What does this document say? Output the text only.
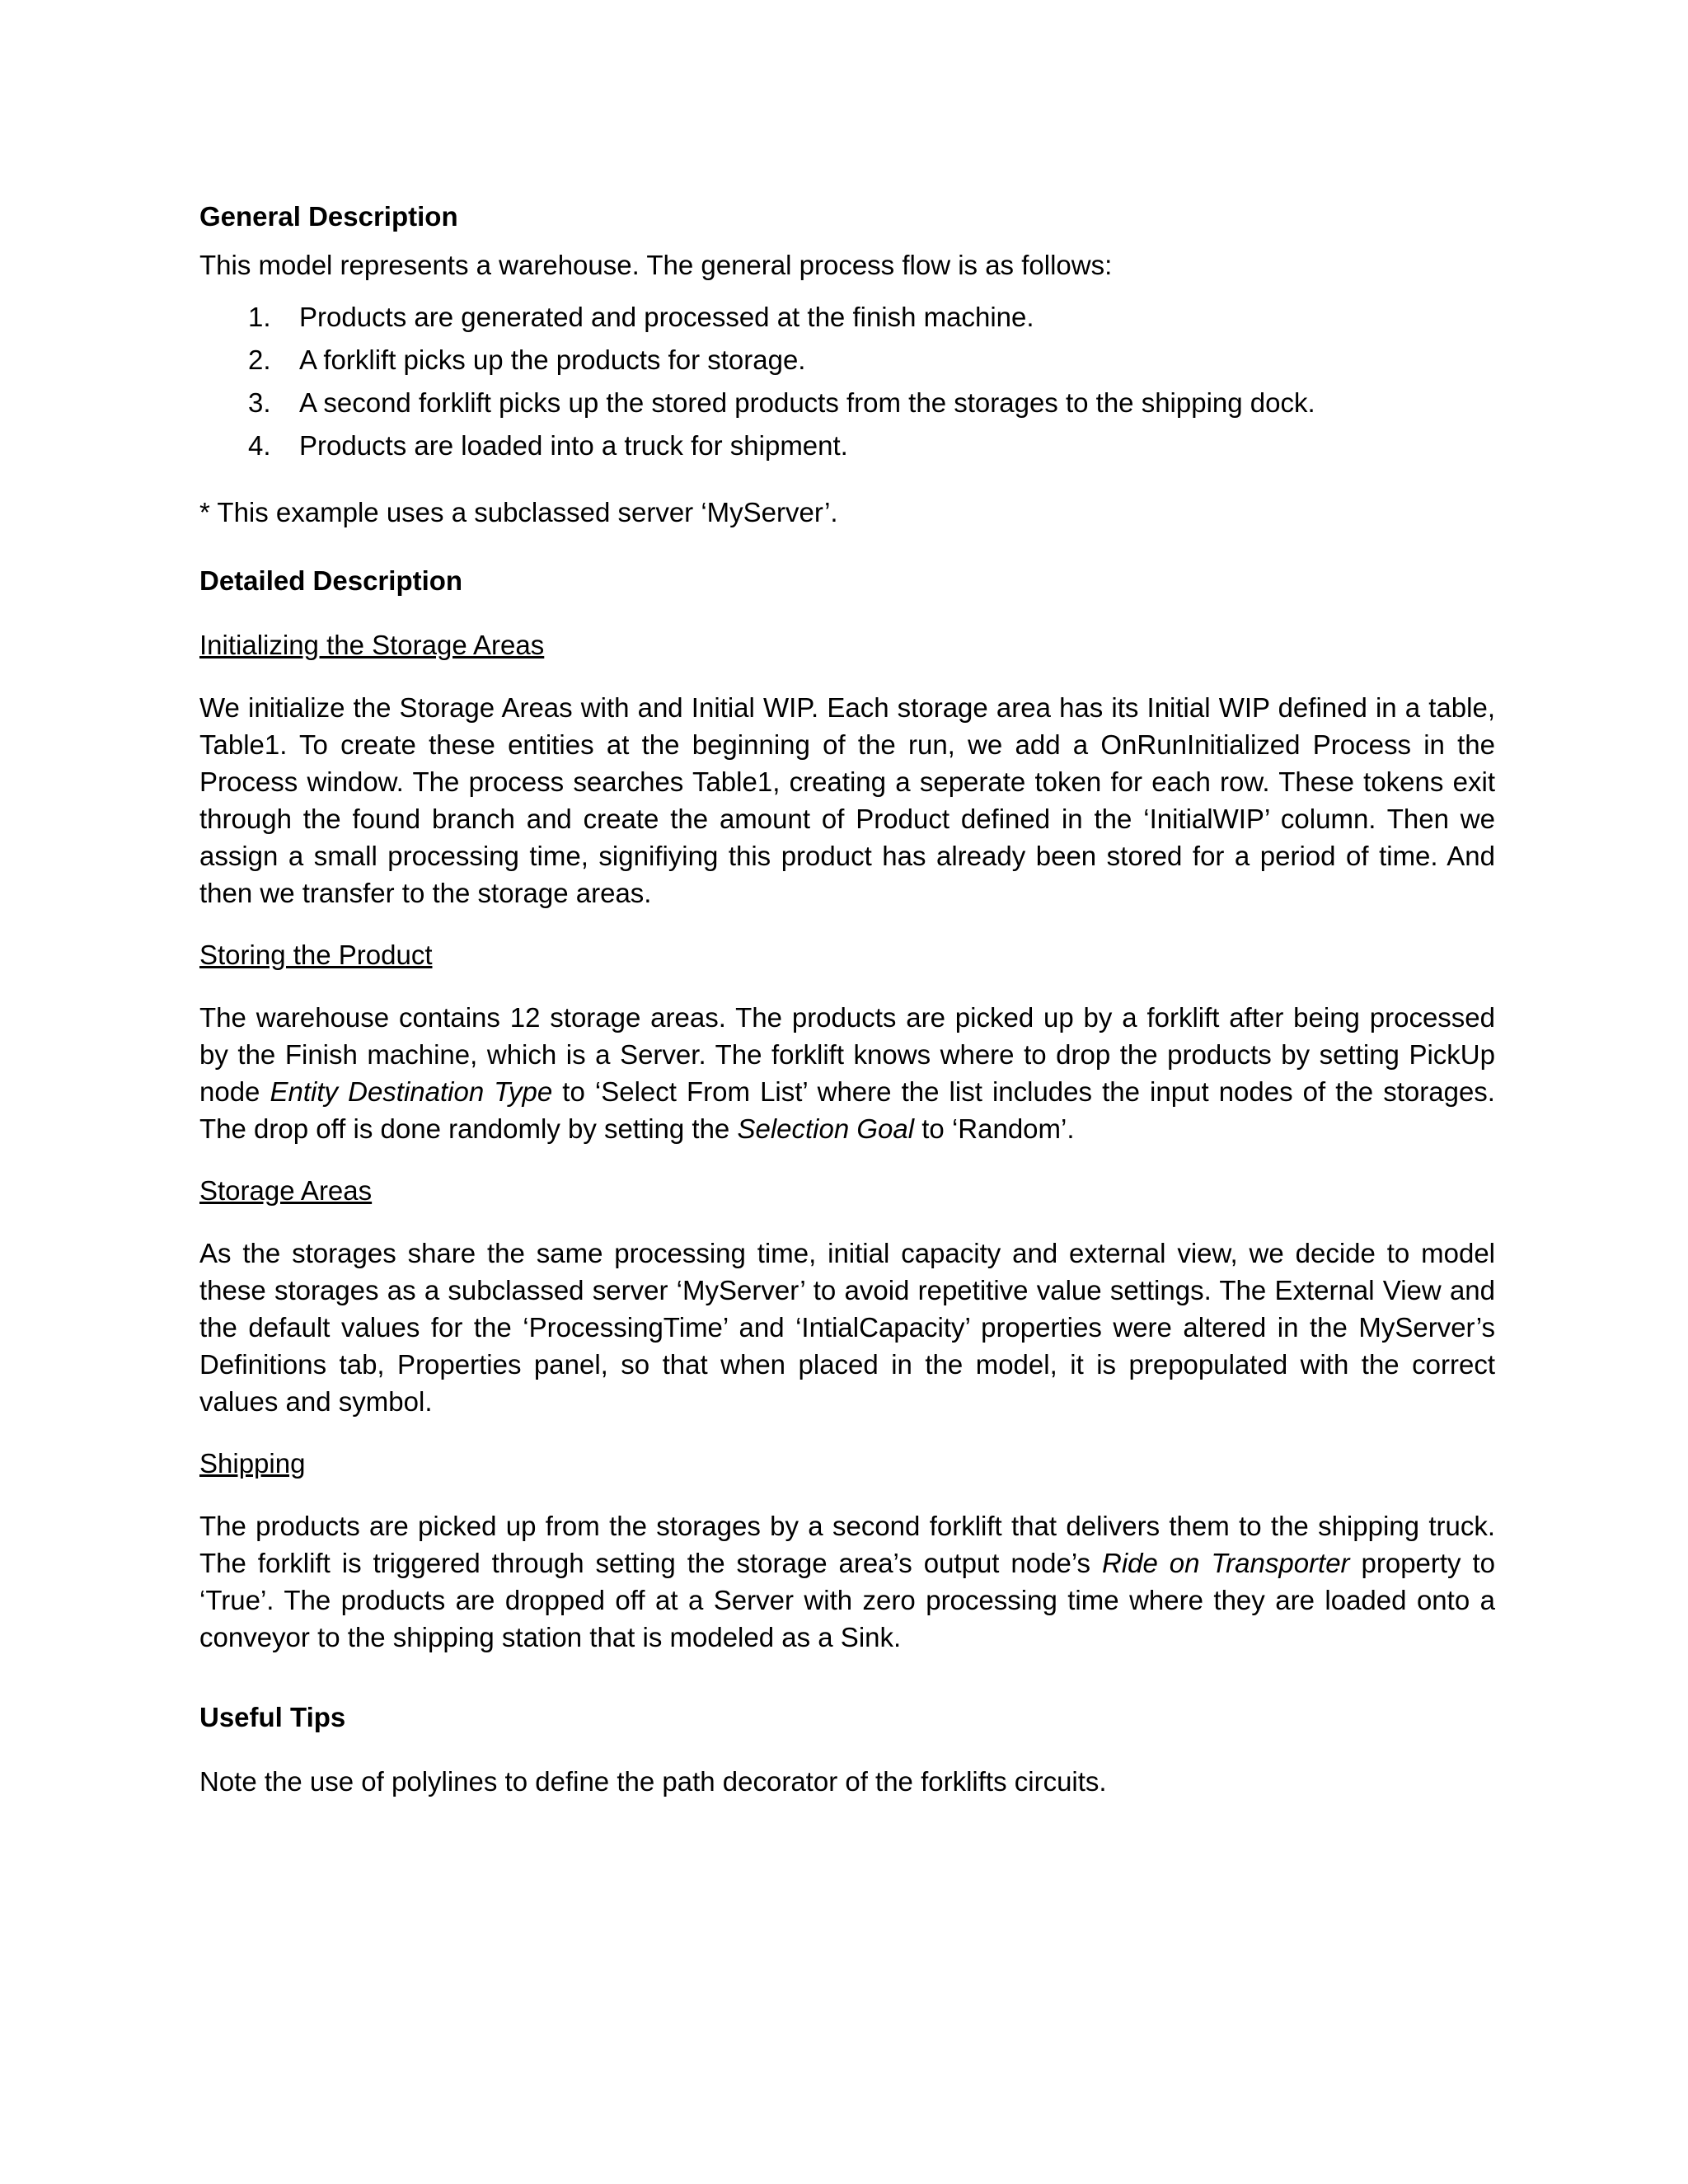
General Description
This model represents a warehouse. The general process flow is as follows:
1. Products are generated and processed at the finish machine.
2. A forklift picks up the products for storage.
3. A second forklift picks up the stored products from the storages to the shipping dock.
4. Products are loaded into a truck for shipment.
* This example uses a subclassed server ‘MyServer’.
Detailed Description
Initializing the Storage Areas
We initialize the Storage Areas with and Initial WIP. Each storage area has its Initial WIP defined in a table, Table1. To create these entities at the beginning of the run, we add a OnRunInitialized Process in the Process window. The process searches Table1, creating a seperate token for each row. These tokens exit through the found branch and create the amount of Product defined in the ‘InitialWIP’ column. Then we assign a small processing time, signifiying this product has already been stored for a period of time. And then we transfer to the storage areas.
Storing the Product
The warehouse contains 12 storage areas. The products are picked up by a forklift after being processed by the Finish machine, which is a Server. The forklift knows where to drop the products by setting PickUp node Entity Destination Type to ‘Select From List’ where the list includes the input nodes of the storages. The drop off is done randomly by setting the Selection Goal to ‘Random’.
Storage Areas
As the storages share the same processing time, initial capacity and external view, we decide to model these storages as a subclassed server ‘MyServer’ to avoid repetitive value settings. The External View and the default values for the ‘ProcessingTime’ and ‘IntialCapacity’ properties were altered in the MyServer’s Definitions tab, Properties panel, so that when placed in the model, it is prepopulated with the correct values and symbol.
Shipping
The products are picked up from the storages by a second forklift that delivers them to the shipping truck. The forklift is triggered through setting the storage area’s output node’s Ride on Transporter property to ‘True’. The products are dropped off at a Server with zero processing time where they are loaded onto a conveyor to the shipping station that is modeled as a Sink.
Useful Tips
Note the use of polylines to define the path decorator of the forklifts circuits.
